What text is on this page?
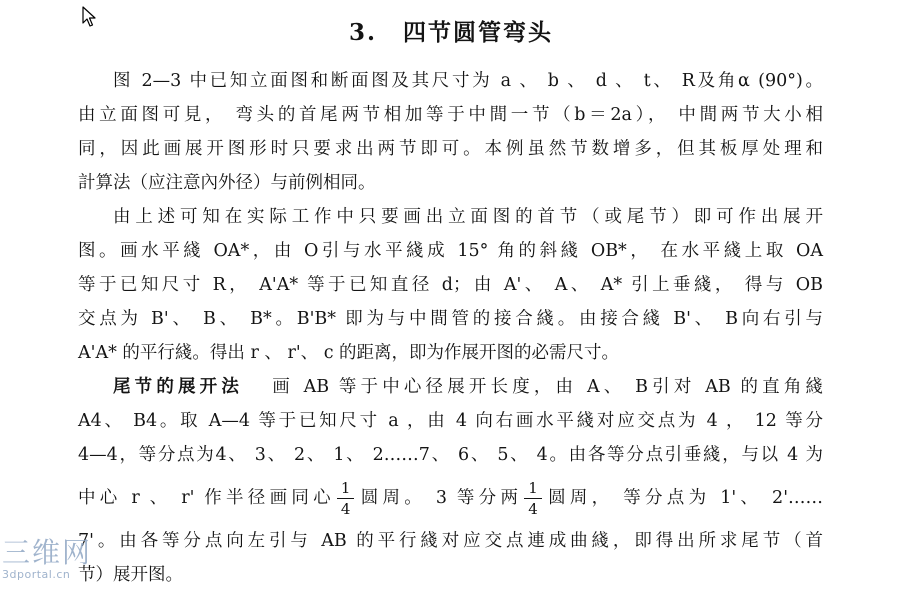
3. 四节圆管弯头
图 2—3 中已知立面图和断面图及其尺寸为 a 、 b 、 d 、 t、 R及角α (90°)。
由立面图可見， 弯头的首尾两节相加等于中間一节（b＝2a）， 中間两节大小相
同，因此画展开图形时只要求出两节即可。本例虽然节数增多，但其板厚处理和
計算法（应注意內外径）与前例相同。
由上述可知在实际工作中只要画出立面图的首节（或尾节）即可作出展开
图。画水平綫 OA*，由 O引与水平綫成 15° 角的斜綫 OB*， 在水平綫上取 OA
等于已知尺寸 R， A'A* 等于已知直径 d；由 A'、 A、 A* 引上垂綫， 得与 OB
交点为 B'、 B、 B*。B'B* 即为与中間管的接合綫。由接合綫 B'、 B向右引与
A'A* 的平行綫。得出 r 、 r'、 c 的距离，即为作展开图的必需尺寸。
尾节的展开法 画 AB 等于中心径展开长度，由 A、 B引对 AB 的直角綫
A4、 B4。取 A—4 等于已知尺寸 a ，由 4 向右画水平綫对应交点为 4 ， 12 等分
4—4，等分点为4、 3、 2、 1、 2……7、 6、 5、 4。由各等分点引垂綫，与以 4 为
中心 r 、 r' 作半径画同心 $\frac{1}{4}$ 圆周。 3 等分两 $\frac{1}{4}$ 圆周， 等分点为 1'、 2'……
7'。由各等分点向左引与 AB 的平行綫对应交点連成曲綫，即得出所求尾节（首
节）展开图。
三维网
3dportal.cn
